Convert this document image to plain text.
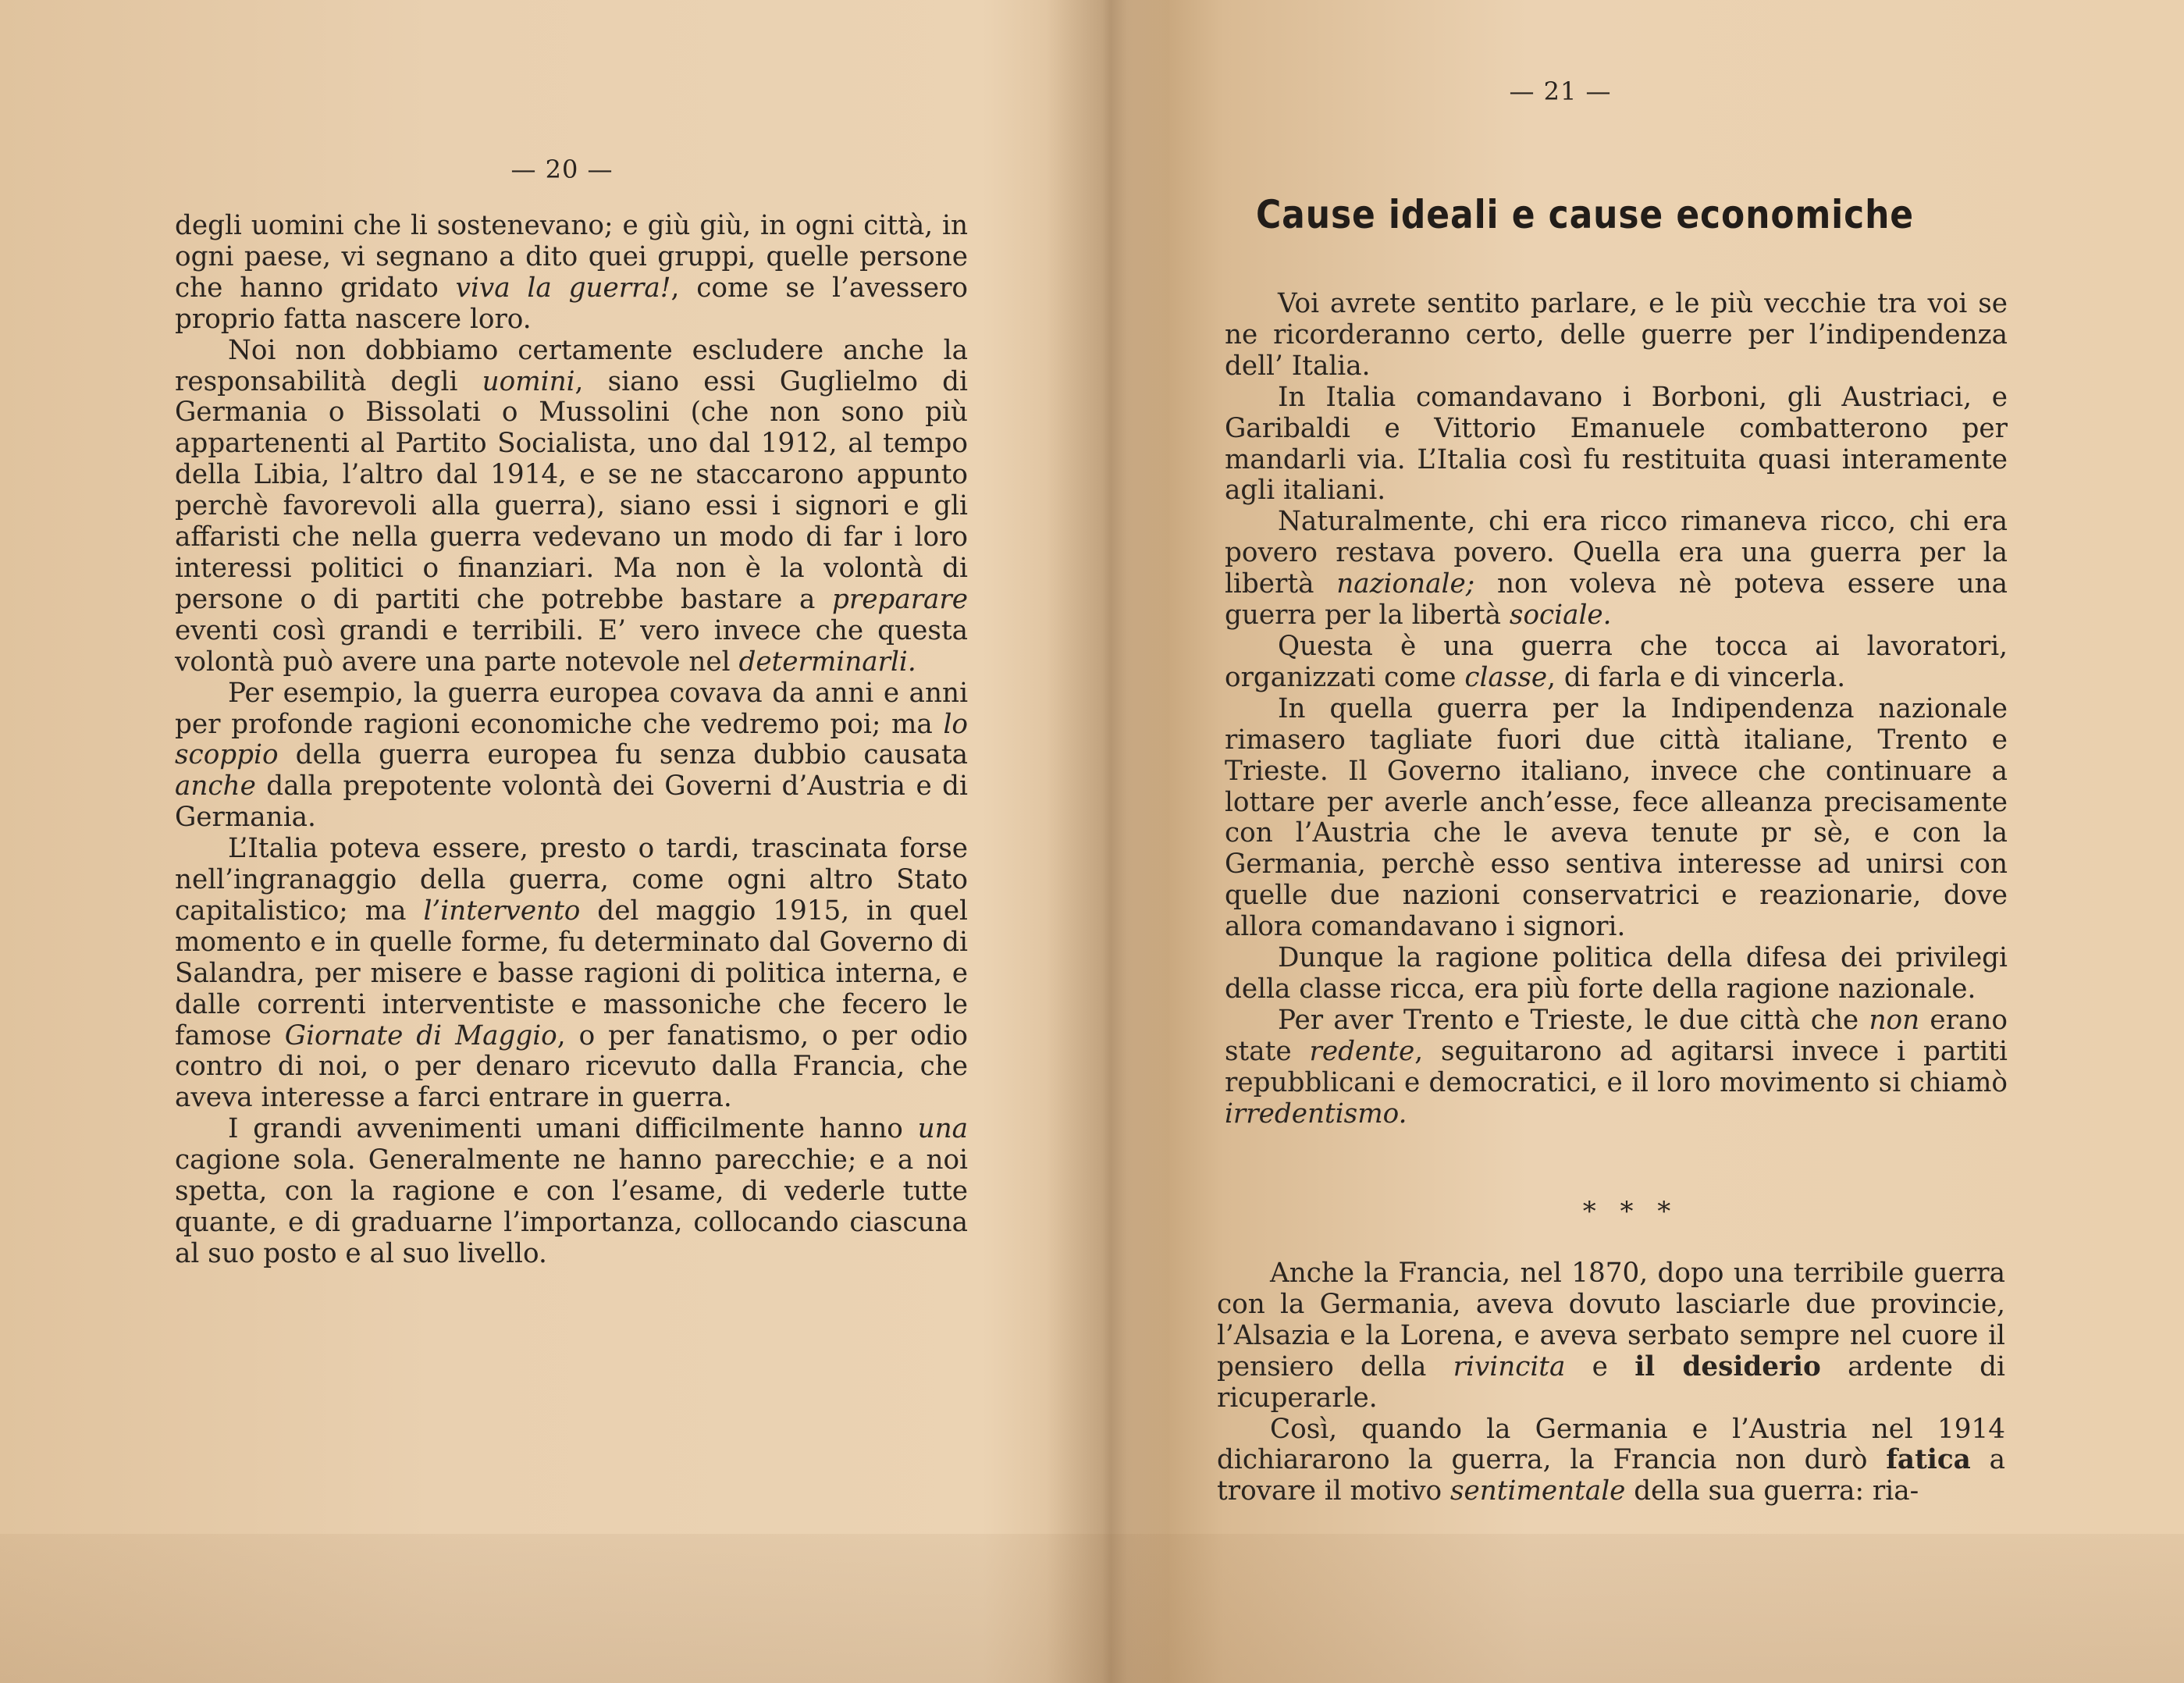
— 20 —

degli uomini che li sostenevano; e giù giù, in ogni città, in ogni paese, vi segnano a dito quei gruppi, quelle persone che hanno gridato viva la guerra!, come se l’avessero proprio fatta nascere loro.

Noi non dobbiamo certamente escludere anche la responsabilità degli uomini, siano essi Guglielmo di Germania o Bissolati o Mussolini (che non sono più appartenenti al Partito Socialista, uno dal 1912, al tempo della Libia, l’altro dal 1914, e se ne staccarono appunto perchè favorevoli alla guerra), siano essi i signori e gli affaristi che nella guerra vedevano un modo di far i loro interessi politici o finanziari. Ma non è la volontà di persone o di partiti che potrebbe bastare a preparare eventi così grandi e terribili. E’ vero invece che questa volontà può avere una parte notevole nel determinarli.

Per esempio, la guerra europea covava da anni e anni per profonde ragioni economiche che vedremo poi; ma lo scoppio della guerra europea fu senza dubbio causata anche dalla prepotente volontà dei Governi d’Austria e di Germania.

L’Italia poteva essere, presto o tardi, trascinata forse nell’ingranaggio della guerra, come ogni altro Stato capitalistico; ma l’intervento del maggio 1915, in quel momento e in quelle forme, fu determinato dal Governo di Salandra, per misere e basse ragioni di politica interna, e dalle correnti interventiste e massoniche che fecero le famose Giornate di Maggio, o per fanatismo, o per odio contro di noi, o per denaro ricevuto dalla Francia, che aveva interesse a farci entrare in guerra.

I grandi avvenimenti umani difficilmente hanno una cagione sola. Generalmente ne hanno parecchie; e a noi spetta, con la ragione e con l’esame, di vederle tutte quante, e di graduarne l’importanza, collocando ciascuna al suo posto e al suo livello.

— 21 —
Cause ideali e cause economiche

Voi avrete sentito parlare, e le più vecchie tra voi se ne ricorderanno certo, delle guerre per l’indipendenza dell’ Italia.

In Italia comandavano i Borboni, gli Austriaci, e Garibaldi e Vittorio Emanuele combatterono per mandarli via. L’Italia così fu restituita quasi interamente agli italiani.

Naturalmente, chi era ricco rimaneva ricco, chi era povero restava povero. Quella era una guerra per la libertà nazionale; non voleva nè poteva essere una guerra per la libertà sociale.

Questa è una guerra che tocca ai lavoratori, organizzati come classe, di farla e di vincerla.

In quella guerra per la Indipendenza nazionale rimasero tagliate fuori due città italiane, Trento e Trieste. Il Governo italiano, invece che continuare a lottare per averle anch’esse, fece alleanza precisamente con l’Austria che le aveva tenute pr sè, e con la Germania, perchè esso sentiva interesse ad unirsi con quelle due nazioni conservatrici e reazionarie, dove allora comandavano i signori.

Dunque la ragione politica della difesa dei privilegi della classe ricca, era più forte della ragione nazionale.

Per aver Trento e Trieste, le due città che non erano state redente, seguitarono ad agitarsi invece i partiti repubblicani e democratici, e il loro movimento si chiamò irredentismo.

* * *

Anche la Francia, nel 1870, dopo una terribile guerra con la Germania, aveva dovuto lasciarle due provincie, l’Alsazia e la Lorena, e aveva serbato sempre nel cuore il pensiero della rivincita e il desiderio ardente di ricuperarle.

Così, quando la Germania e l’Austria nel 1914 dichiararono la guerra, la Francia non durò fatica a trovare il motivo sentimentale della sua guerra: ria-
